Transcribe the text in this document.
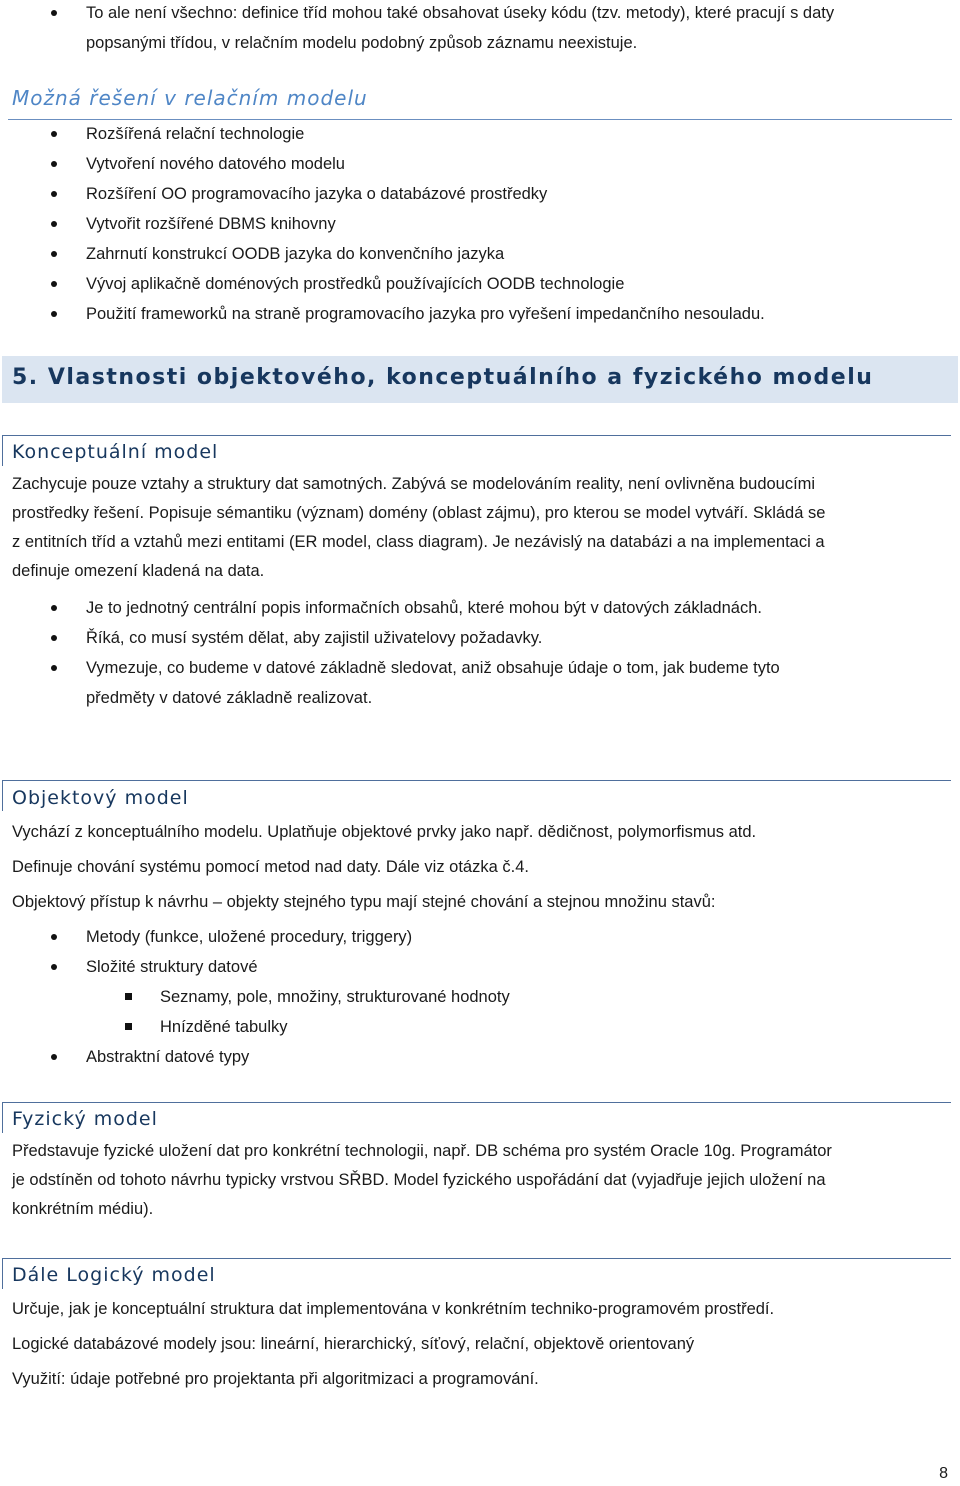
To ale není všechno: definice tříd mohou také obsahovat úseky kódu (tzv. metody), které pracují s daty
popsanými třídou, v relačním modelu podobný způsob záznamu neexistuje.
Možná řešení v relačním modelu
Rozšířená relační technologie
Vytvoření nového datového modelu
Rozšíření OO programovacího jazyka o databázové prostředky
Vytvořit rozšířené DBMS knihovny
Zahrnutí konstrukcí OODB jazyka do konvenčního jazyka
Vývoj aplikačně doménových prostředků používajících OODB technologie
Použití frameworků na straně programovacího jazyka pro vyřešení impedančního nesouladu.
5. Vlastnosti objektového, konceptuálního a fyzického modelu
Konceptuální model
Zachycuje pouze vztahy a struktury dat samotných. Zabývá se modelováním reality, není ovlivněna budoucími
prostředky řešení. Popisuje sémantiku (význam) domény (oblast zájmu), pro kterou se model vytváří. Skládá se
z entitních tříd a vztahů mezi entitami (ER model, class diagram). Je nezávislý na databázi a na implementaci a
definuje omezení kladená na data.
Je to jednotný centrální popis informačních obsahů, které mohou být v datových základnách.
Říká, co musí systém dělat, aby zajistil uživatelovy požadavky.
Vymezuje, co budeme v datové základně sledovat, aniž obsahuje údaje o tom, jak budeme tyto
předměty v datové základně realizovat.
Objektový model
Vychází z konceptuálního modelu. Uplatňuje objektové prvky jako např. dědičnost, polymorfismus atd.
Definuje chování systému pomocí metod nad daty. Dále viz otázka č.4.
Objektový přístup k návrhu – objekty stejného typu mají stejné chování a stejnou množinu stavů:
Metody (funkce, uložené procedury, triggery)
Složité struktury datové
Seznamy, pole, množiny, strukturované hodnoty
Hnízděné tabulky
Abstraktní datové typy
Fyzický model
Představuje fyzické uložení dat pro konkrétní technologii, např. DB schéma pro systém Oracle 10g. Programátor
je odstíněn od tohoto návrhu typicky vrstvou SŘBD. Model fyzického uspořádání dat (vyjadřuje jejich uložení na
konkrétním médiu).
Dále Logický model
Určuje, jak je konceptuální struktura dat implementována v konkrétním techniko-programovém prostředí.
Logické databázové modely jsou: lineární, hierarchický, síťový, relační, objektově orientovaný
Využití: údaje potřebné pro projektanta při algoritmizaci a programování.
8
